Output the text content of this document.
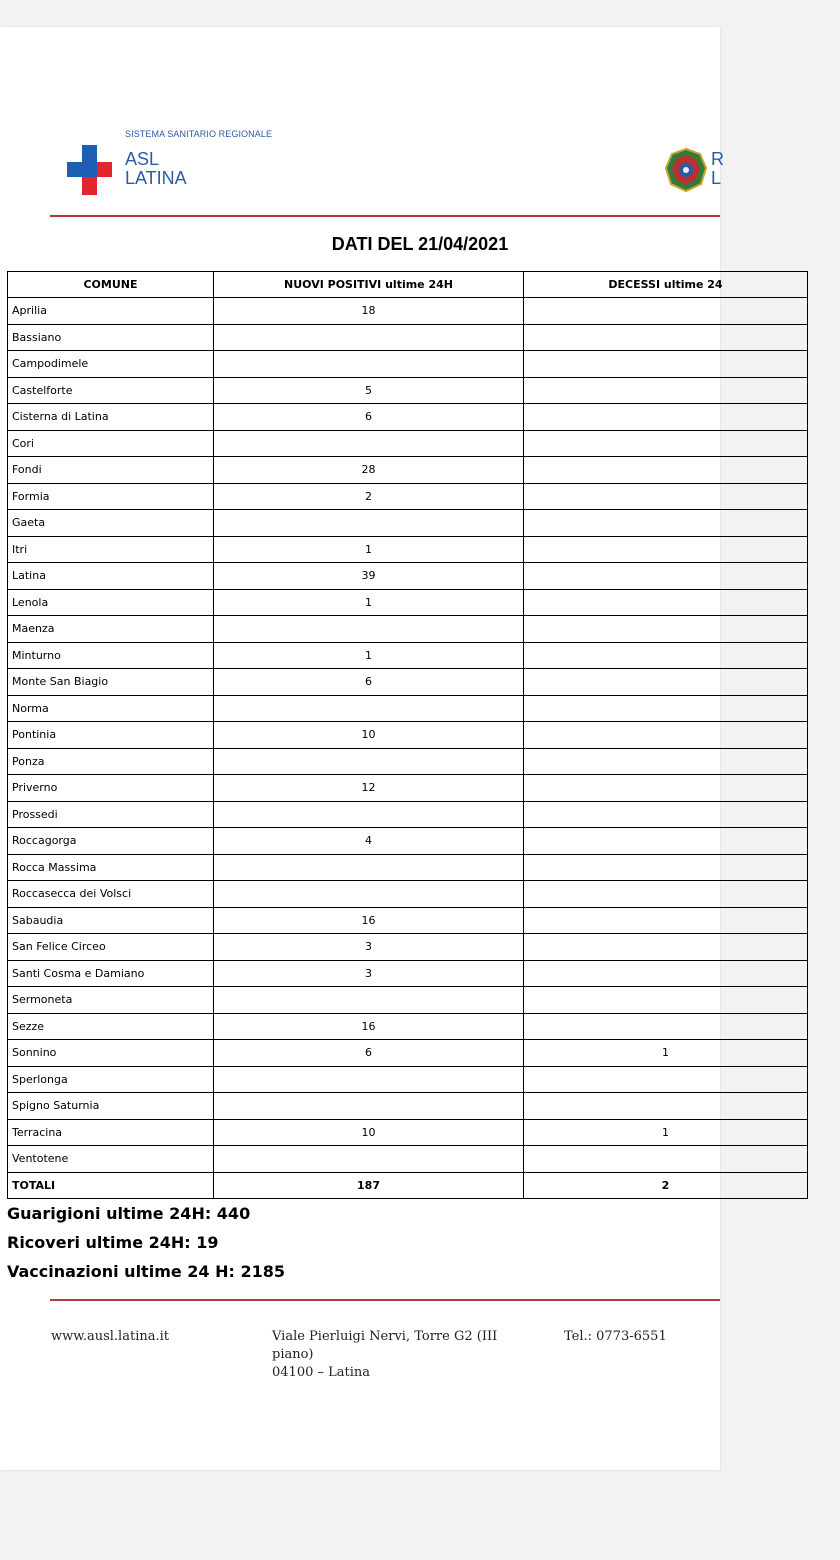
SISTEMA SANITARIO REGIONALE
ASL
LATINA
R
L
DATI DEL 21/04/2021
COMUNE	NUOVI POSITIVI ultime 24H	DECESSI ultime 24
Aprilia	18	
Bassiano		
Campodimele		
Castelforte	5	
Cisterna di Latina	6	
Cori		
Fondi	28	
Formia	2	
Gaeta		
Itri	1	
Latina	39	
Lenola	1	
Maenza		
Minturno	1	
Monte San Biagio	6	
Norma		
Pontinia	10	
Ponza		
Priverno	12	
Prossedi		
Roccagorga	4	
Rocca Massima		
Roccasecca dei Volsci		
Sabaudia	16	
San Felice Circeo	3	
Santi Cosma e Damiano	3	
Sermoneta		
Sezze	16	
Sonnino	6	1
Sperlonga		
Spigno Saturnia		
Terracina	10	1
Ventotene		
TOTALI	187	2
Guarigioni ultime 24H: 440
Ricoveri ultime 24H: 19
Vaccinazioni ultime 24 H: 2185
www.ausl.latina.it	Viale Pierluigi Nervi, Torre G2 (III
piano)
04100 – Latina
Tel.: 0773-6551
